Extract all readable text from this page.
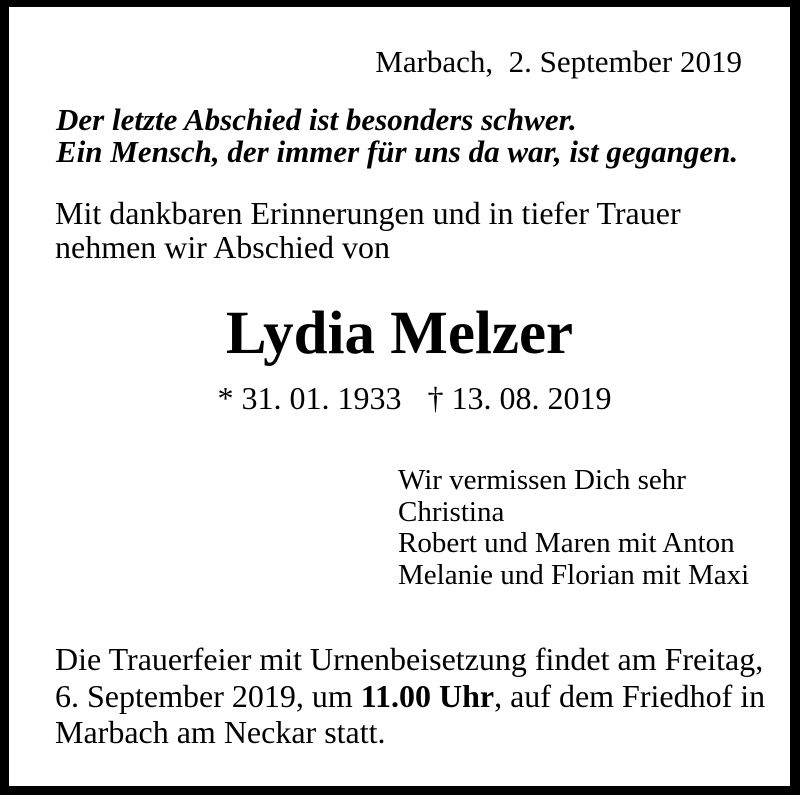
Marbach,  2. September 2019
Der letzte Abschied ist besonders schwer.
Ein Mensch, der immer für uns da war, ist gegangen.
Mit dankbaren Erinnerungen und in tiefer Trauer
nehmen wir Abschied von
Lydia Melzer
* 31. 01. 1933 † 13. 08. 2019
Wir vermissen Dich sehr
Christina
Robert und Maren mit Anton
Melanie und Florian mit Maxi
Die Trauerfeier mit Urnenbeisetzung findet am Freitag,
6. September 2019, um 11.00 Uhr, auf dem Friedhof in
Marbach am Neckar statt.
